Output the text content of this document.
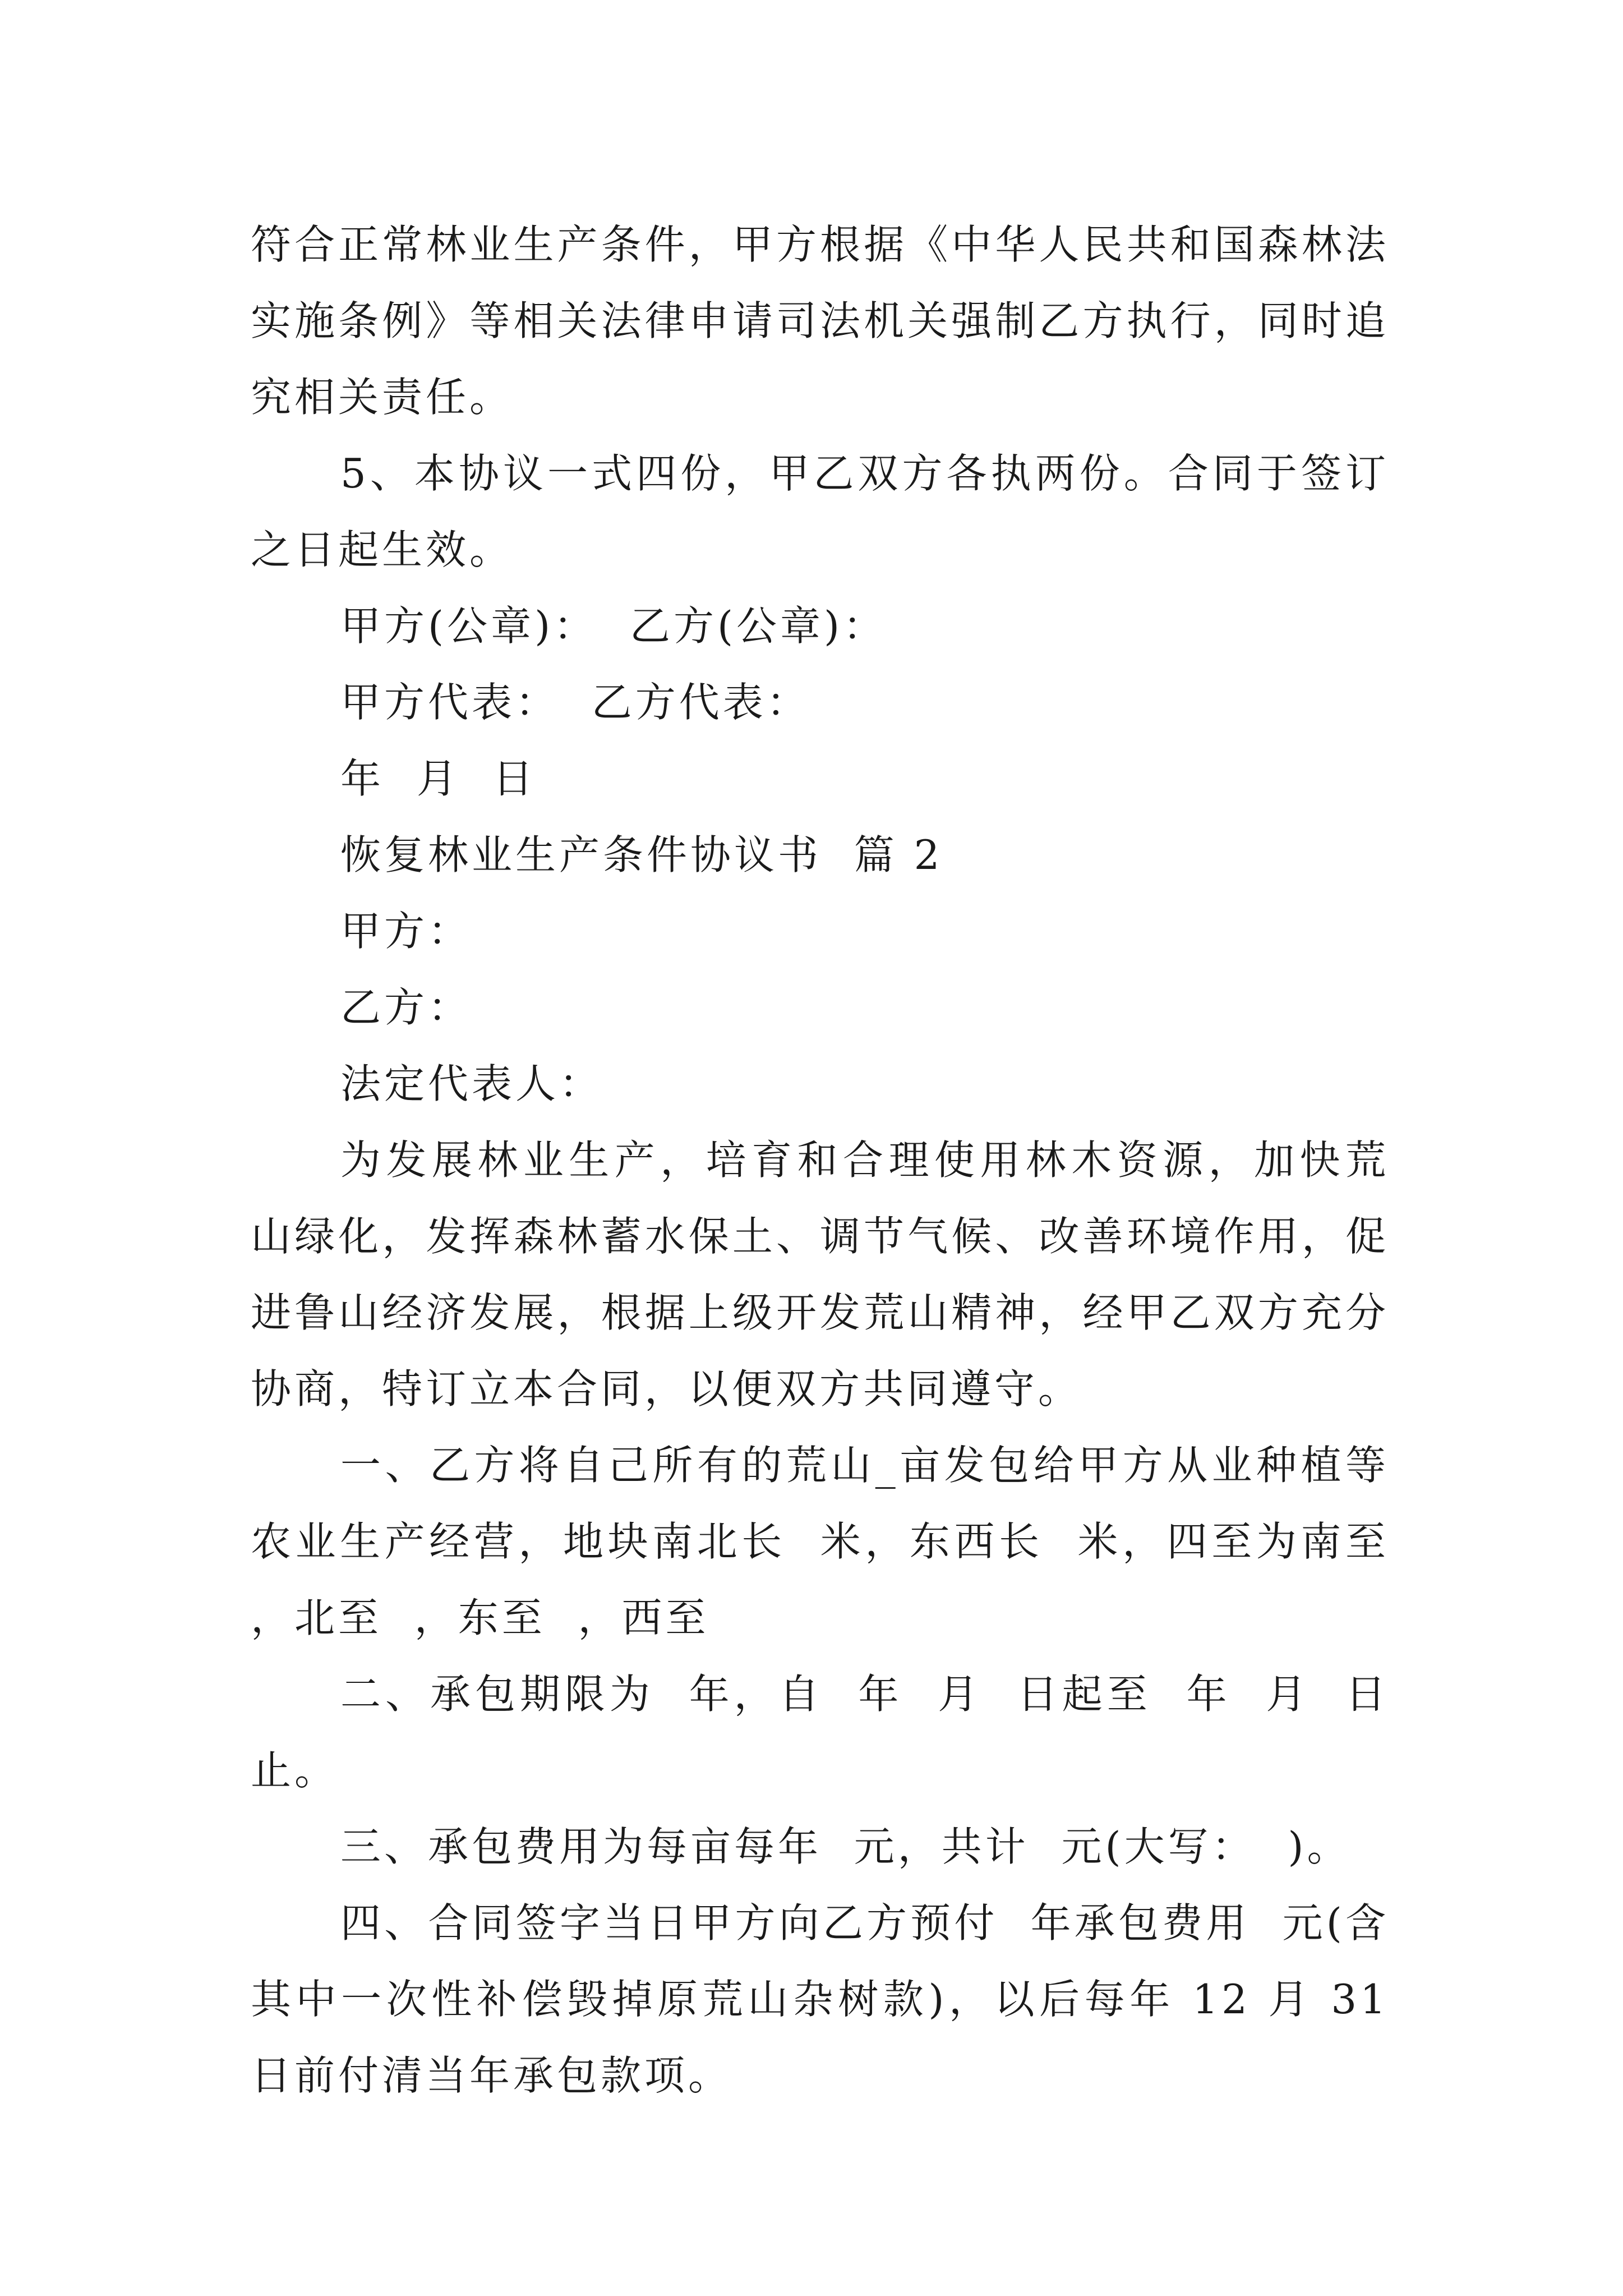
符合正常林业生产条件，甲方根据《中华人民共和国森林法实施条例》等相关法律申请司法机关强制乙方执行，同时追究相关责任。

5、本协议一式四份，甲乙双方各执两份。合同于签订之日起生效。

甲方(公章)：  乙方(公章)：

甲方代表：  乙方代表：

年  月  日

恢复林业生产条件协议书  篇 2

甲方：

乙方：

法定代表人：

为发展林业生产，培育和合理使用林木资源，加快荒山绿化，发挥森林蓄水保土、调节气候、改善环境作用，促进鲁山经济发展，根据上级开发荒山精神，经甲乙双方充分协商，特订立本合同，以便双方共同遵守。

一、乙方将自己所有的荒山_亩发包给甲方从业种植等农业生产经营，地块南北长  米，东西长  米，四至为南至  ，北至  ，东至  ，西至

二、承包期限为  年，自  年  月  日起至  年  月  日止。

三、承包费用为每亩每年  元，共计  元(大写：  )。

四、合同签字当日甲方向乙方预付  年承包费用  元(含其中一次性补偿毁掉原荒山杂树款)，以后每年 12 月 31 日前付清当年承包款项。
